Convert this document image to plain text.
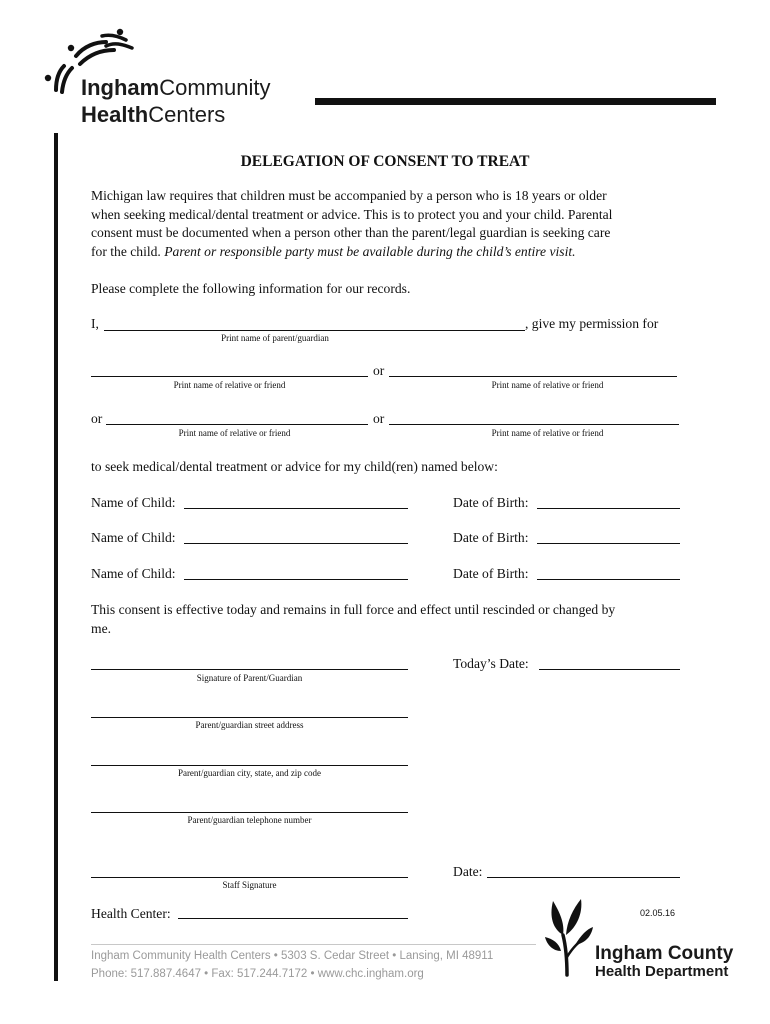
InghamCommunity
HealthCenters
DELEGATION OF CONSENT TO TREAT
Michigan law requires that children must be accompanied by a person who is 18 years or older
when seeking medical/dental treatment or advice. This is to protect you and your child. Parental
consent must be documented when a person other than the parent/legal guardian is seeking care
for the child. Parent or responsible party must be available during the child’s entire visit.
Please complete the following information for our records.
I,	, give my permission for
Print name of parent/guardian
or
Print name of relative or friend	Print name of relative or friend
or	or
Print name of relative or friend	Print name of relative or friend
to seek medical/dental treatment or advice for my child(ren) named below:
Name of Child:	Date of Birth:
Name of Child:	Date of Birth:
Name of Child:	Date of Birth:
This consent is effective today and remains in full force and effect until rescinded or changed by
me.
Signature of Parent/Guardian
Today’s Date:
Parent/guardian street address
Parent/guardian city, state, and zip code
Parent/guardian telephone number
Staff Signature
Date:
Health Center:	02.05.16
Ingham Community Health Centers • 5303 S. Cedar Street • Lansing, MI 48911
Phone: 517.887.4647 • Fax: 517.244.7172 • www.chc.ingham.org
Ingham County
Health Department
